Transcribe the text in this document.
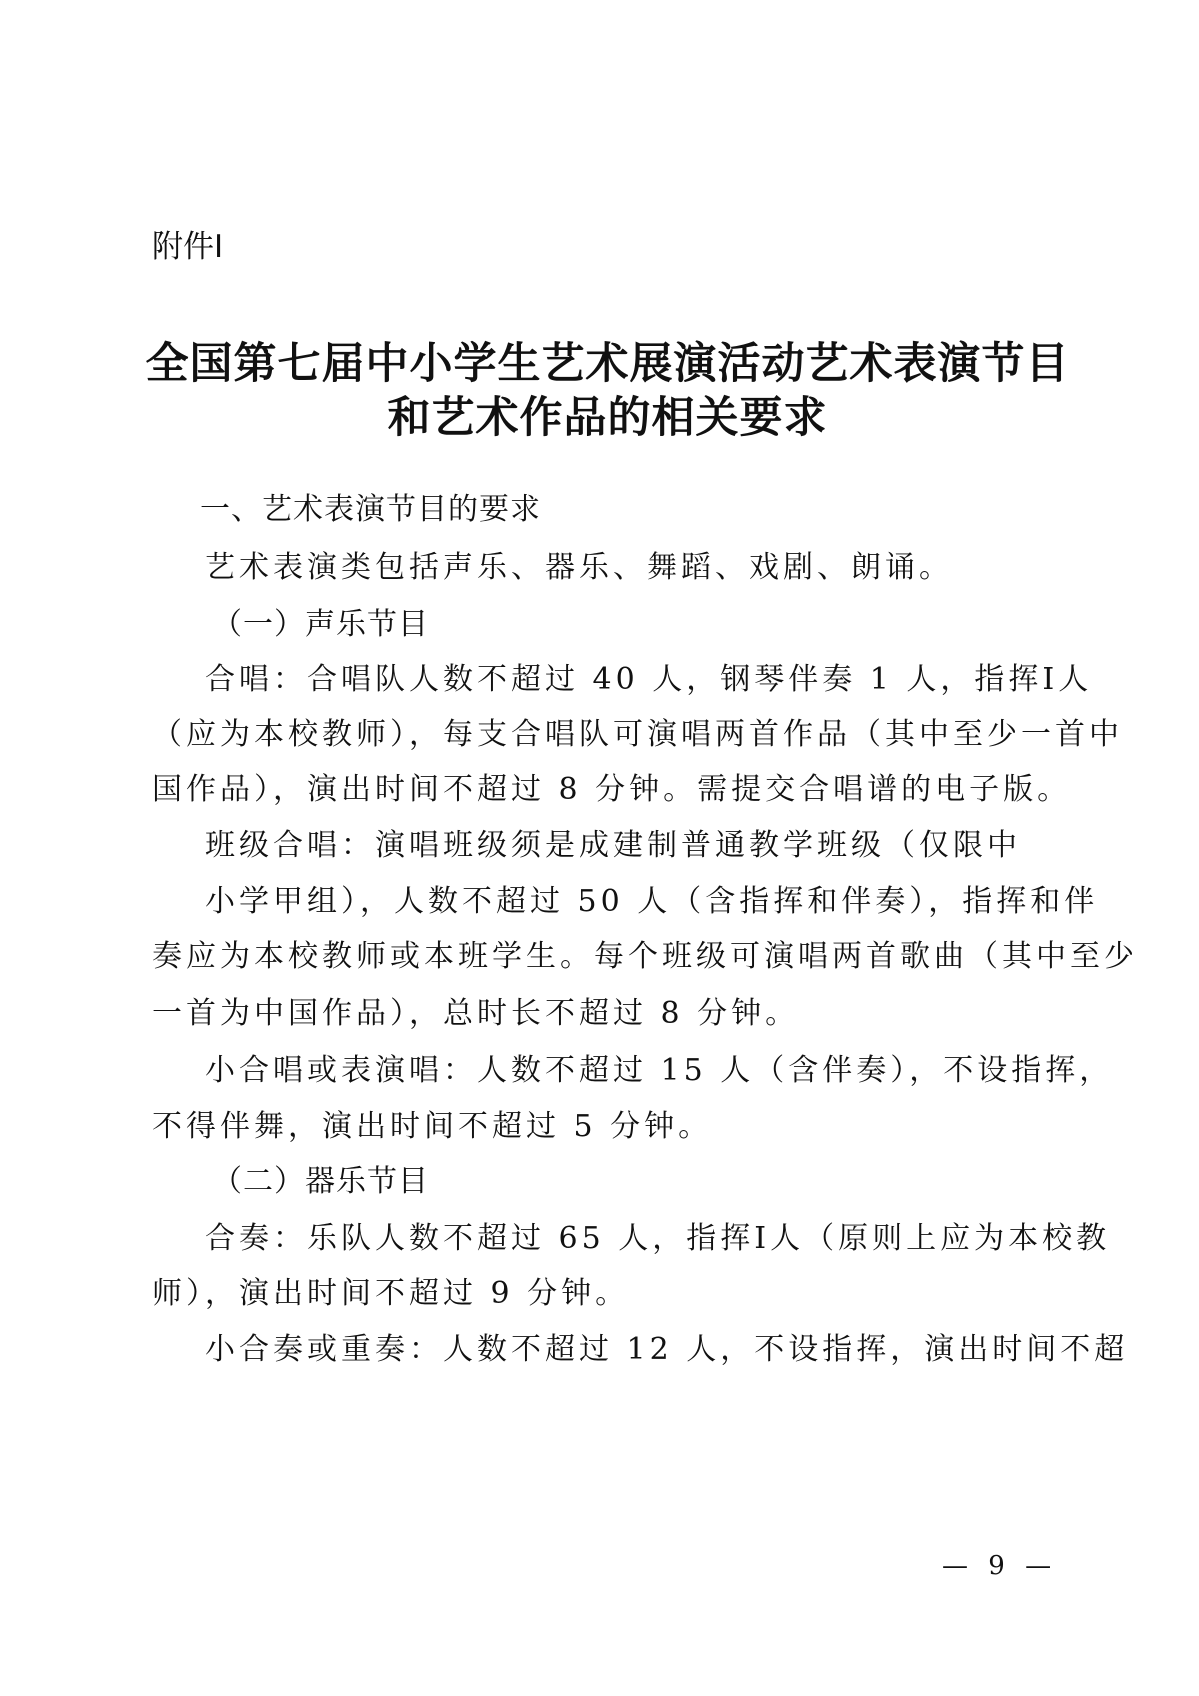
附件Ⅰ
全国第七届中小学生艺术展演活动艺术表演节目
和艺术作品的相关要求
一、艺术表演节目的要求
艺术表演类包括声乐、器乐、舞蹈、戏剧、朗诵。
（一）声乐节目
合唱：合唱队人数不超过 40 人，钢琴伴奏 1 人，指挥Ⅰ人
（应为本校教师），每支合唱队可演唱两首作品（其中至少一首中
国作品），演出时间不超过 8 分钟。需提交合唱谱的电子版。
班级合唱：演唱班级须是成建制普通教学班级（仅限中
小学甲组），人数不超过 50 人（含指挥和伴奏），指挥和伴
奏应为本校教师或本班学生。每个班级可演唱两首歌曲（其中至少
一首为中国作品），总时长不超过 8 分钟。
小合唱或表演唱：人数不超过 15 人（含伴奏），不设指挥，
不得伴舞，演出时间不超过 5 分钟。
（二）器乐节目
合奏：乐队人数不超过 65 人，指挥Ⅰ人（原则上应为本校教
师），演出时间不超过 9 分钟。
小合奏或重奏：人数不超过 12 人，不设指挥，演出时间不超
— 9 —
